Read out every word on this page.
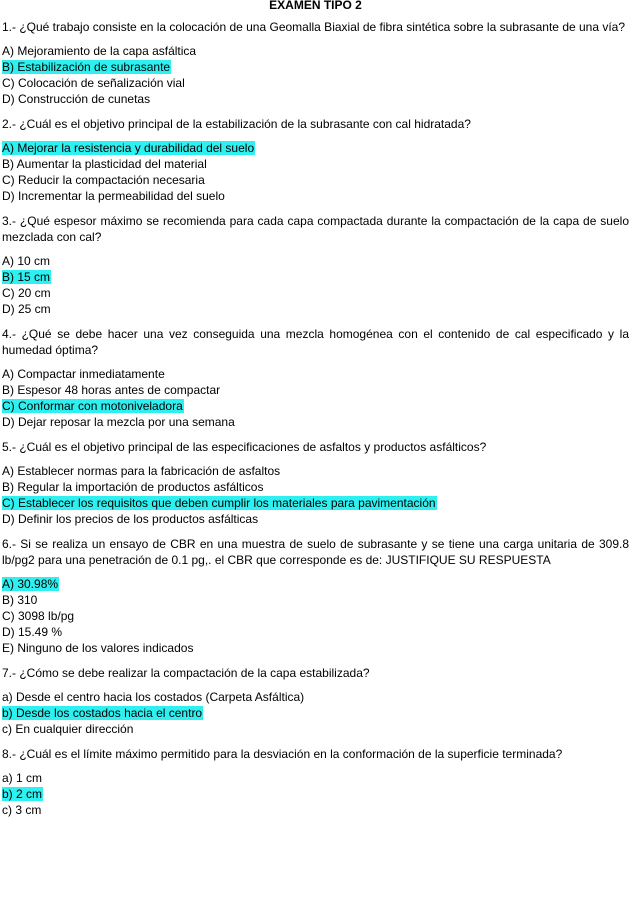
EXAMEN TIPO 2

1.- ¿Qué trabajo consiste en la colocación de una Geomalla Biaxial de fibra sintética sobre la subrasante de una vía?

A) Mejoramiento de la capa asfáltica
B) Estabilización de subrasante
C) Colocación de señalización vial
D) Construcción de cunetas

2.- ¿Cuál es el objetivo principal de la estabilización de la subrasante con cal hidratada?

A) Mejorar la resistencia y durabilidad del suelo
B) Aumentar la plasticidad del material
C) Reducir la compactación necesaria
D) Incrementar la permeabilidad del suelo

3.- ¿Qué espesor máximo se recomienda para cada capa compactada durante la compactación de la capa de suelo mezclada con cal?

A) 10 cm
B) 15 cm
C) 20 cm
D) 25 cm

4.- ¿Qué se debe hacer una vez conseguida una mezcla homogénea con el contenido de cal especificado y la humedad óptima?

A) Compactar inmediatamente
B) Espesor 48 horas antes de compactar
C) Conformar con motoniveladora
D) Dejar reposar la mezcla por una semana

5.- ¿Cuál es el objetivo principal de las especificaciones de asfaltos y productos asfálticos?

A) Establecer normas para la fabricación de asfaltos
B) Regular la importación de productos asfálticos
C) Establecer los requisitos que deben cumplir los materiales para pavimentación
D) Definir los precios de los productos asfálticas

6.- Si se realiza un ensayo de CBR en una muestra de suelo de subrasante y se tiene una carga unitaria de 309.8 lb/pg2 para una penetración de 0.1 pg,. el CBR que corresponde es de: JUSTIFIQUE SU RESPUESTA

A) 30.98%
B) 310
C) 3098 lb/pg
D) 15.49 %
E) Ninguno de los valores indicados

7.- ¿Cómo se debe realizar la compactación de la capa estabilizada?

a) Desde el centro hacia los costados (Carpeta Asfáltica)
b) Desde los costados hacia el centro
c) En cualquier dirección

8.- ¿Cuál es el límite máximo permitido para la desviación en la conformación de la superficie terminada?

a) 1 cm
b) 2 cm
c) 3 cm
